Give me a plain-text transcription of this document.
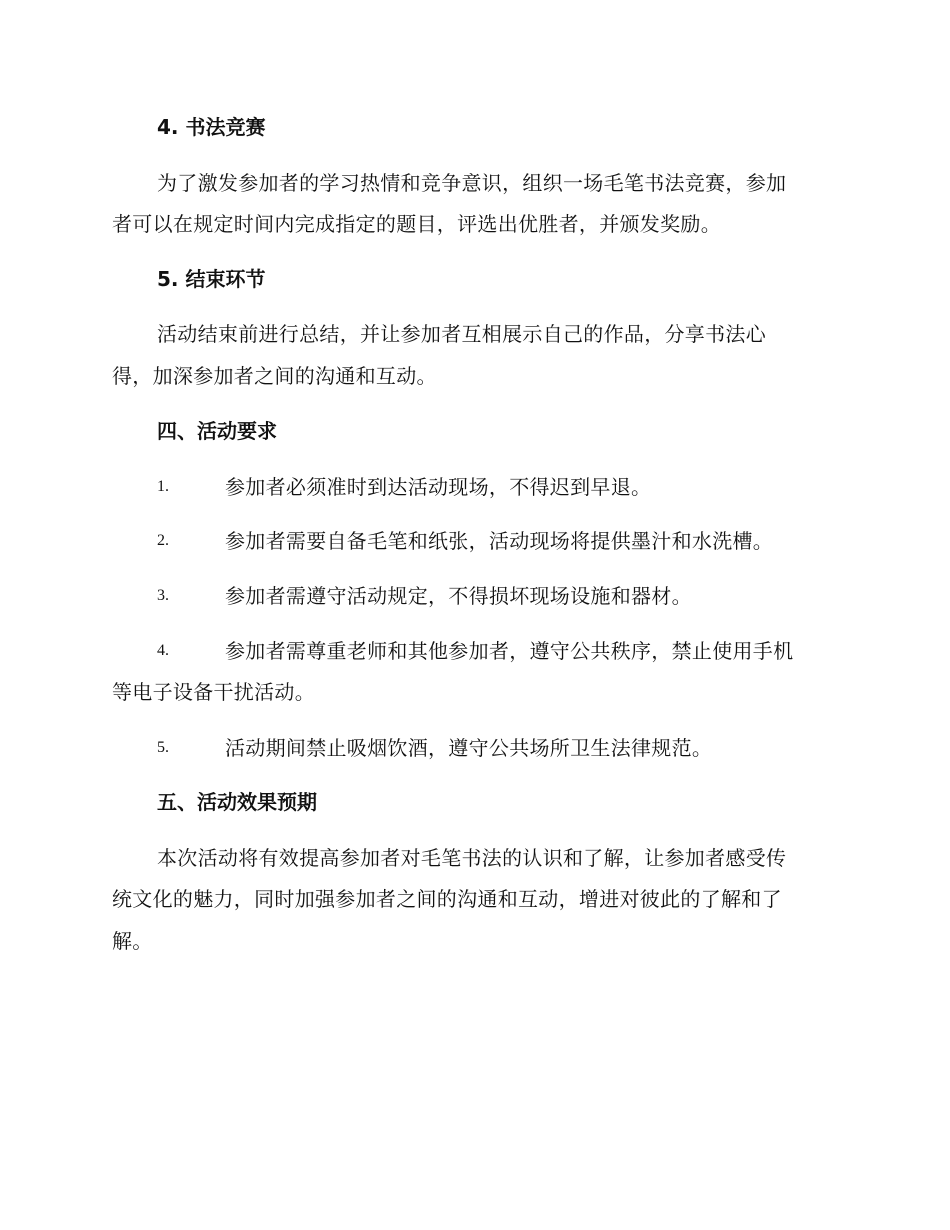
4. 书法竞赛
为了激发参加者的学习热情和竞争意识，组织一场毛笔书法竞赛，参加
者可以在规定时间内完成指定的题目，评选出优胜者，并颁发奖励。
5. 结束环节
活动结束前进行总结，并让参加者互相展示自己的作品，分享书法心
得，加深参加者之间的沟通和互动。
四、活动要求
1.	参加者必须准时到达活动现场，不得迟到早退。
2.	参加者需要自备毛笔和纸张，活动现场将提供墨汁和水洗槽。
3.	参加者需遵守活动规定，不得损坏现场设施和器材。
4.	参加者需尊重老师和其他参加者，遵守公共秩序，禁止使用手机
等电子设备干扰活动。
5.	活动期间禁止吸烟饮酒，遵守公共场所卫生法律规范。
五、活动效果预期
本次活动将有效提高参加者对毛笔书法的认识和了解，让参加者感受传
统文化的魅力，同时加强参加者之间的沟通和互动，增进对彼此的了解和了
解。
